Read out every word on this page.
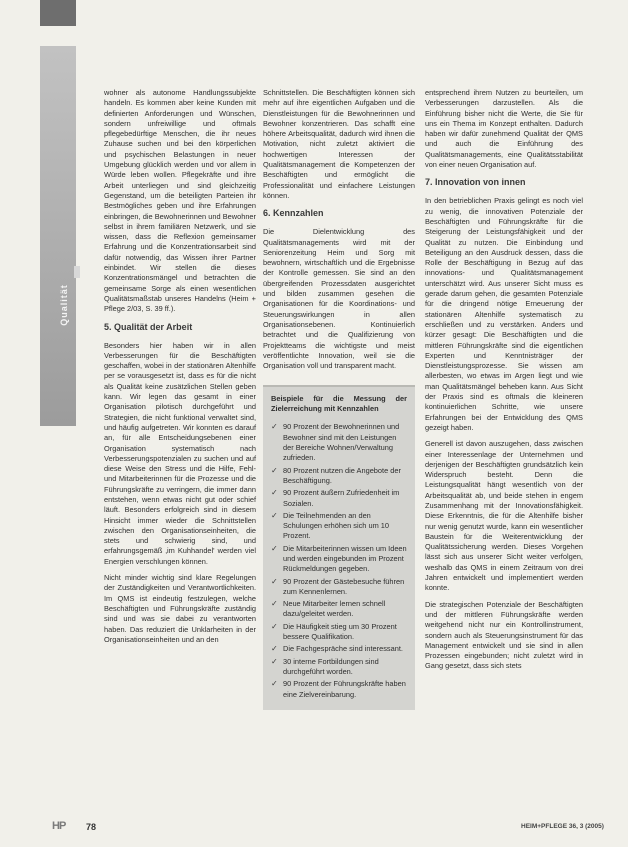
Qualität

wohner als autonome Handlungssubjekte handeln. Es kommen aber keine Kunden mit definierten Anforderungen und Wünschen, sondern unfreiwillige und oftmals pflegebedürftige Menschen, die ihr neues Zuhause suchen und bei den körperlichen und psychischen Belastungen in neuer Umgebung glücklich werden und vor allem in Würde leben wollen. Pflegekräfte und ihre Arbeit unterliegen und sind gleichzeitig Gegenstand, um die beteiligten Parteien ihr Bestmögliches geben und ihre Erfahrungen einbringen, die Bewohnerinnen und Bewohner selbst in ihrem familiären Netzwerk, und sie wissen, dass die Reflexion gemeinsamer Erfahrung und die Konzentrationsarbeit sind dafür notwendig, das Wissen ihrer Partner einbindet. Wir stellen die dieses Konzentrationsmängel und betrachten die gemeinsame Sorge als einen wesentlichen Qualitätsmaßstab unseres Handelns (Heim + Pflege 2/03, S. 39 ff.).

5. Qualität der Arbeit

Besonders hier haben wir in allen Verbesserungen für die Beschäftigten geschaffen, wobei in der stationären Altenhilfe per se vorausgesetzt ist, dass es für die nicht als Qualität keine zusätzlichen Stellen geben kann. Wir legen das gesamt in einer Organisation pilotisch durchgeführt und Strategien, die nicht funktional verwaltet sind, und häufig aufgetreten. Wir konnten es darauf an, für alle Entscheidungsebenen einer Organisation systematisch nach Verbesserungspotenzialen zu suchen und auf diese Weise den Stress und die Hilfe, Fehl- und Mitarbeiterinnen für die Prozesse und die Führungskräfte zu verringern, die immer dann entstehen, wenn etwas nicht gut oder schief läuft. Besonders erfolgreich sind in diesem Hinsicht immer wieder die Schnittstellen zwischen den Organisationseinheiten, die stets und schwierig sind, und erfahrungsgemäß ‚im Kuhhandel' werden viel Energien verschlungen können.

Nicht minder wichtig sind klare Regelungen der Zuständigkeiten und Verantwortlichkeiten. Im QMS ist eindeutig festzulegen, welche Beschäftigten und Führungskräfte zuständig sind und was sie dabei zu verantworten haben. Das reduziert die Unklarheiten in der Organisationseinheiten und an den

Schnittstellen. Die Beschäftigten können sich mehr auf ihre eigentlichen Aufgaben und die Dienstleistungen für die Bewohnerinnen und Bewohner konzentrieren. Das schafft eine höhere Arbeitsqualität, dadurch wird ihnen die Motivation, nicht zuletzt aktiviert die hochwertigen Interessen der Qualitätsmanagement die Kompetenzen der Beschäftigten und ermöglicht die Professionalität und einfachere Leistungen können.

6. Kennzahlen

Die Dielentwicklung des Qualitätsmanagements wird mit der Seniorenzeitung Heim und Sorg mit bewohnern, wirtschaftlich und die Ergebnisse der Kontrolle gemessen. Sie sind an den übergreifenden Prozessdaten ausgerichtet und bilden zusammen gesehen die Organisationen für die Koordinations- und Steuerungswirkungen in allen Organisationsebenen. Kontinuierlich betrachtet und die Qualifizierung von Projektteams die wichtigste und meist veröffentlichte Innovation, weil sie die Organisation voll und transparent macht.

Beispiele für die Messung der Zielerreichung mit Kennzahlen
✓ 90 Prozent der Bewohnerinnen und Bewohner sind mit den Leistungen der Bereiche Wohnen/Verwaltung zufrieden.
✓ 80 Prozent nutzen die Angebote der Beschäftigung.
✓ 90 Prozent äußern Zufriedenheit im Sozialen.
✓ Die Teilnehmenden an den Schulungen erhöhen sich um 10 Prozent.
✓ Die Mitarbeiterinnen wissen um Ideen und werden eingebunden im Prozent Rückmeldungen gegeben.
✓ 90 Prozent der Gästebesuche führen zum Kennenlernen.
✓ Neue Mitarbeiter lernen schnell dazu/geleitet werden.
✓ Die Häufigkeit stieg um 30 Prozent bessere Qualifikation.
✓ Die Fachgespräche sind interessant.
✓ 30 interne Fortbildungen sind durchgeführt worden.
✓ 90 Prozent der Führungskräfte haben eine Zielvereinbarung.

entsprechend ihrem Nutzen zu beurteilen, um Verbesserungen darzustellen. Als die Einführung bisher nicht die Werte, die Sie für uns ein Thema im Konzept enthalten. Dadurch haben wir dafür zunehmend Qualität der QMS und auch die Einführung des Qualitätsmanagements, eine Qualitätsstabilität von einer neuen Organisation auf.

7. Innovation von innen

In den betrieblichen Praxis gelingt es noch viel zu wenig, die innovativen Potenziale der Beschäftigten und Führungskräfte für die Steigerung der Leistungsfähigkeit und der Qualität zu nutzen. Die Einbindung und Beteiligung an den Ausdruck dessen, dass die Rolle der Beschäftigung in Bezug auf das innovations- und Qualitätsmanagement unterschätzt wird. Aus unserer Sicht muss es gerade darum gehen, die gesamten Potenziale für die dringend nötige Erneuerung der stationären Altenhilfe systematisch zu erschließen und zu verstärken. Anders und kürzer gesagt: Die Beschäftigten und die mittleren Führungskräfte sind die eigentlichen Experten und Kenntnisträger der Dienstleistungsprozesse. Sie wissen am allerbesten, wo etwas im Argen liegt und wie man Qualitätsmängel beheben kann. Aus Sicht der Praxis sind es oftmals die kleineren kontinuierlichen Schritte, wie unsere Erfahrungen bei der Entwicklung des QMS gezeigt haben.

Generell ist davon auszugehen, dass zwischen einer Interessenlage der Unternehmen und derjenigen der Beschäftigten grundsätzlich kein Widerspruch besteht. Denn die Leistungsqualität hängt wesentlich von der Arbeitsqualität ab, und beide stehen in engem Zusammenhang mit der Innovationsfähigkeit. Diese Erkenntnis, die für die Altenhilfe bisher nur wenig genutzt wurde, kann ein wesentlicher Baustein für die Weiterentwicklung der Qualitätssicherung werden. Dieses Vorgehen lässt sich aus unserer Sicht weiter verfolgen, weshalb das QMS in einem Zeitraum von drei Jahren entwickelt und implementiert werden konnte.

Die strategischen Potenziale der Beschäftigten und der mittleren Führungskräfte werden weitgehend nicht nur ein Kontrollinstrument, sondern auch als Steuerungsinstrument für das Management entwickelt und sie sind in allen Prozessen eingebunden; nicht zuletzt wird in Gang gesetzt, dass sich stets

HP	78	HEIM+PFLEGE 36, 3 (2005)
